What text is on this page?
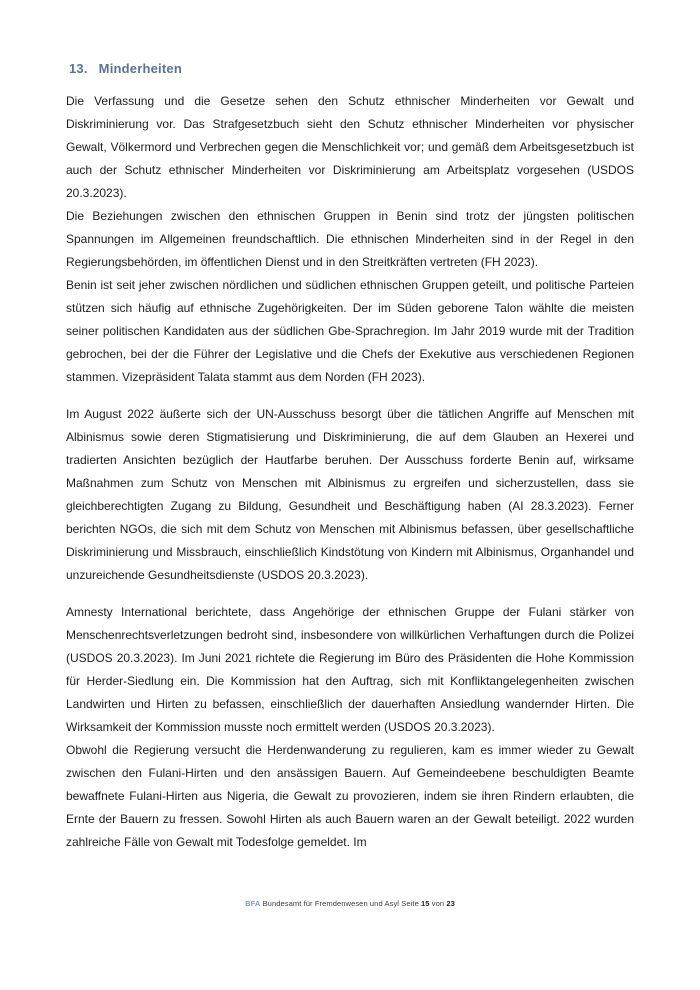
13. Minderheiten

Die Verfassung und die Gesetze sehen den Schutz ethnischer Minderheiten vor Gewalt und Diskriminierung vor. Das Strafgesetzbuch sieht den Schutz ethnischer Minderheiten vor physischer Gewalt, Völkermord und Verbrechen gegen die Menschlichkeit vor; und gemäß dem Arbeitsgesetzbuch ist auch der Schutz ethnischer Minderheiten vor Diskriminierung am Arbeitsplatz vorgesehen (USDOS 20.3.2023).

Die Beziehungen zwischen den ethnischen Gruppen in Benin sind trotz der jüngsten politischen Spannungen im Allgemeinen freundschaftlich. Die ethnischen Minderheiten sind in der Regel in den Regierungsbehörden, im öffentlichen Dienst und in den Streitkräften vertreten (FH 2023).

Benin ist seit jeher zwischen nördlichen und südlichen ethnischen Gruppen geteilt, und politische Parteien stützen sich häufig auf ethnische Zugehörigkeiten. Der im Süden geborene Talon wählte die meisten seiner politischen Kandidaten aus der südlichen Gbe-Sprachregion. Im Jahr 2019 wurde mit der Tradition gebrochen, bei der die Führer der Legislative und die Chefs der Exekutive aus verschiedenen Regionen stammen. Vizepräsident Talata stammt aus dem Norden (FH 2023).

Im August 2022 äußerte sich der UN-Ausschuss besorgt über die tätlichen Angriffe auf Menschen mit Albinismus sowie deren Stigmatisierung und Diskriminierung, die auf dem Glauben an Hexerei und tradierten Ansichten bezüglich der Hautfarbe beruhen. Der Ausschuss forderte Benin auf, wirksame Maßnahmen zum Schutz von Menschen mit Albinismus zu ergreifen und sicherzustellen, dass sie gleichberechtigten Zugang zu Bildung, Gesundheit und Beschäftigung haben (AI 28.3.2023). Ferner berichten NGOs, die sich mit dem Schutz von Menschen mit Albinismus befassen, über gesellschaftliche Diskriminierung und Missbrauch, einschließlich Kindstötung von Kindern mit Albinismus, Organhandel und unzureichende Gesundheitsdienste (USDOS 20.3.2023).

Amnesty International berichtete, dass Angehörige der ethnischen Gruppe der Fulani stärker von Menschenrechtsverletzungen bedroht sind, insbesondere von willkürlichen Verhaftungen durch die Polizei (USDOS 20.3.2023). Im Juni 2021 richtete die Regierung im Büro des Präsidenten die Hohe Kommission für Herder-Siedlung ein. Die Kommission hat den Auftrag, sich mit Konfliktangelegenheiten zwischen Landwirten und Hirten zu befassen, einschließlich der dauerhaften Ansiedlung wandernder Hirten. Die Wirksamkeit der Kommission musste noch ermittelt werden (USDOS 20.3.2023).

Obwohl die Regierung versucht die Herdenwanderung zu regulieren, kam es immer wieder zu Gewalt zwischen den Fulani-Hirten und den ansässigen Bauern. Auf Gemeindeebene beschuldigten Beamte bewaffnete Fulani-Hirten aus Nigeria, die Gewalt zu provozieren, indem sie ihren Rindern erlaubten, die Ernte der Bauern zu fressen. Sowohl Hirten als auch Bauern waren an der Gewalt beteiligt. 2022 wurden zahlreiche Fälle von Gewalt mit Todesfolge gemeldet. Im

BFA Bundesamt für Fremdenwesen und Asyl Seite 15 von 23
